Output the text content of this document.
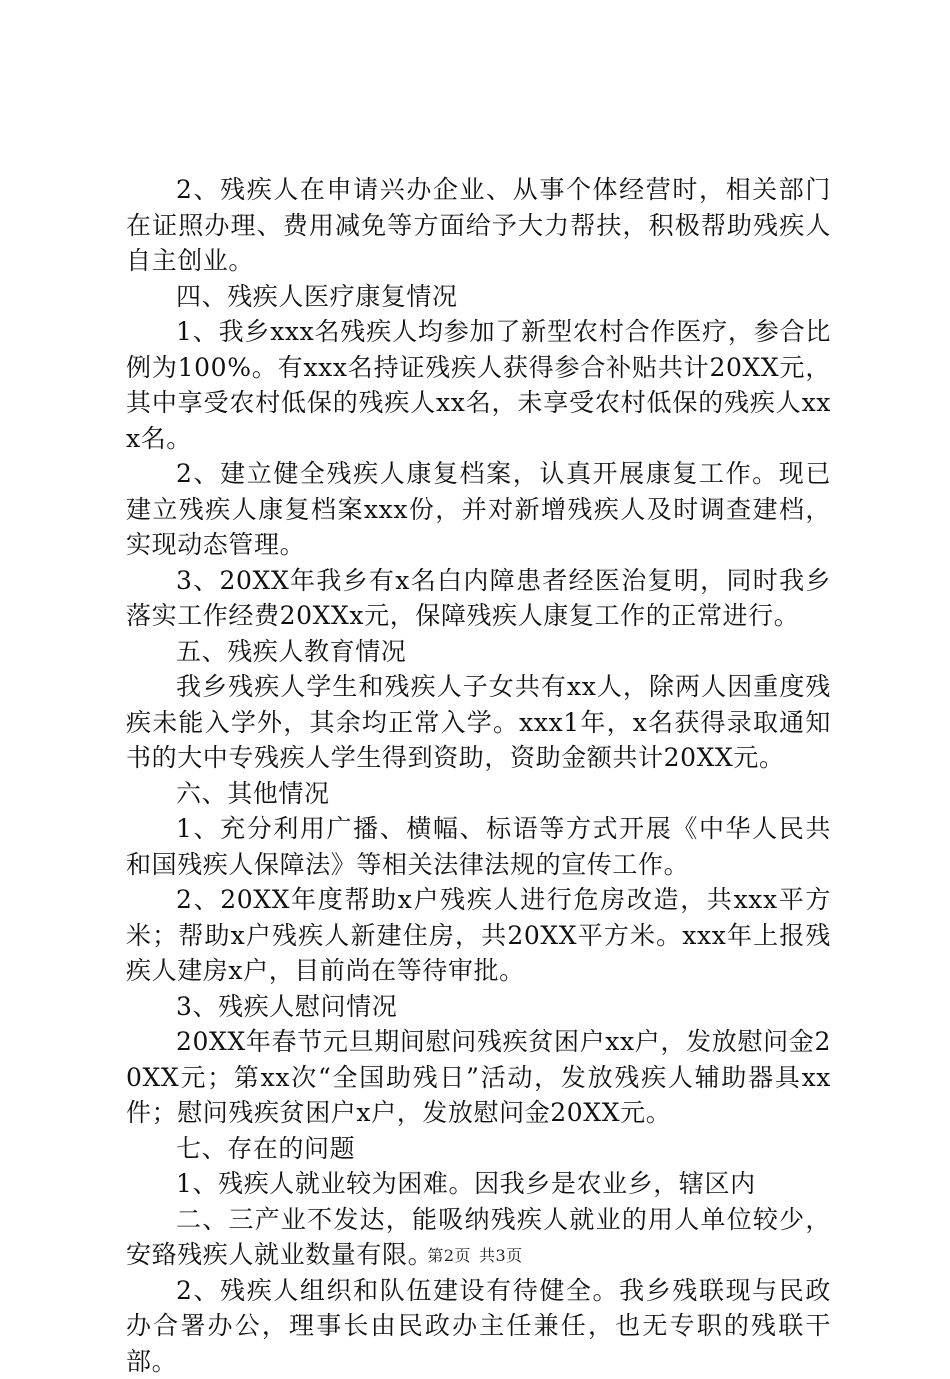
2、残疾人在申请兴办企业、从事个体经营时，相关部门在证照办理、费用减免等方面给予大力帮扶，积极帮助残疾人自主创业。

四、残疾人医疗康复情况

1、我乡xxx名残疾人均参加了新型农村合作医疗，参合比例为100%。有xxx名持证残疾人获得参合补贴共计20XX元，其中享受农村低保的残疾人xx名，未享受农村低保的残疾人xxx名。

2、建立健全残疾人康复档案，认真开展康复工作。现已建立残疾人康复档案xxx份，并对新增残疾人及时调查建档，实现动态管理。

3、20XX年我乡有x名白内障患者经医治复明，同时我乡落实工作经费20XXx元，保障残疾人康复工作的正常进行。

五、残疾人教育情况

我乡残疾人学生和残疾人子女共有xx人，除两人因重度残疾未能入学外，其余均正常入学。xxx1年，x名获得录取通知书的大中专残疾人学生得到资助，资助金额共计20XX元。

六、其他情况

1、充分利用广播、横幅、标语等方式开展《中华人民共和国残疾人保障法》等相关法律法规的宣传工作。

2、20XX年度帮助x户残疾人进行危房改造，共xxx平方米；帮助x户残疾人新建住房，共20XX平方米。xxx年上报残疾人建房x户，目前尚在等待审批。

3、残疾人慰问情况

20XX年春节元旦期间慰问残疾贫困户xx户，发放慰问金20XX元；第xx次“全国助残日”活动，发放残疾人辅助器具xx件；慰问残疾贫困户x户，发放慰问金20XX元。

七、存在的问题

1、残疾人就业较为困难。因我乡是农业乡，辖区内

二、三产业不发达，能吸纳残疾人就业的用人单位较少，安臵残疾人就业数量有限。

2、残疾人组织和队伍建设有待健全。我乡残联现与民政办合署办公，理事长由民政办主任兼任，也无专职的残联干部。

第2页 共3页
